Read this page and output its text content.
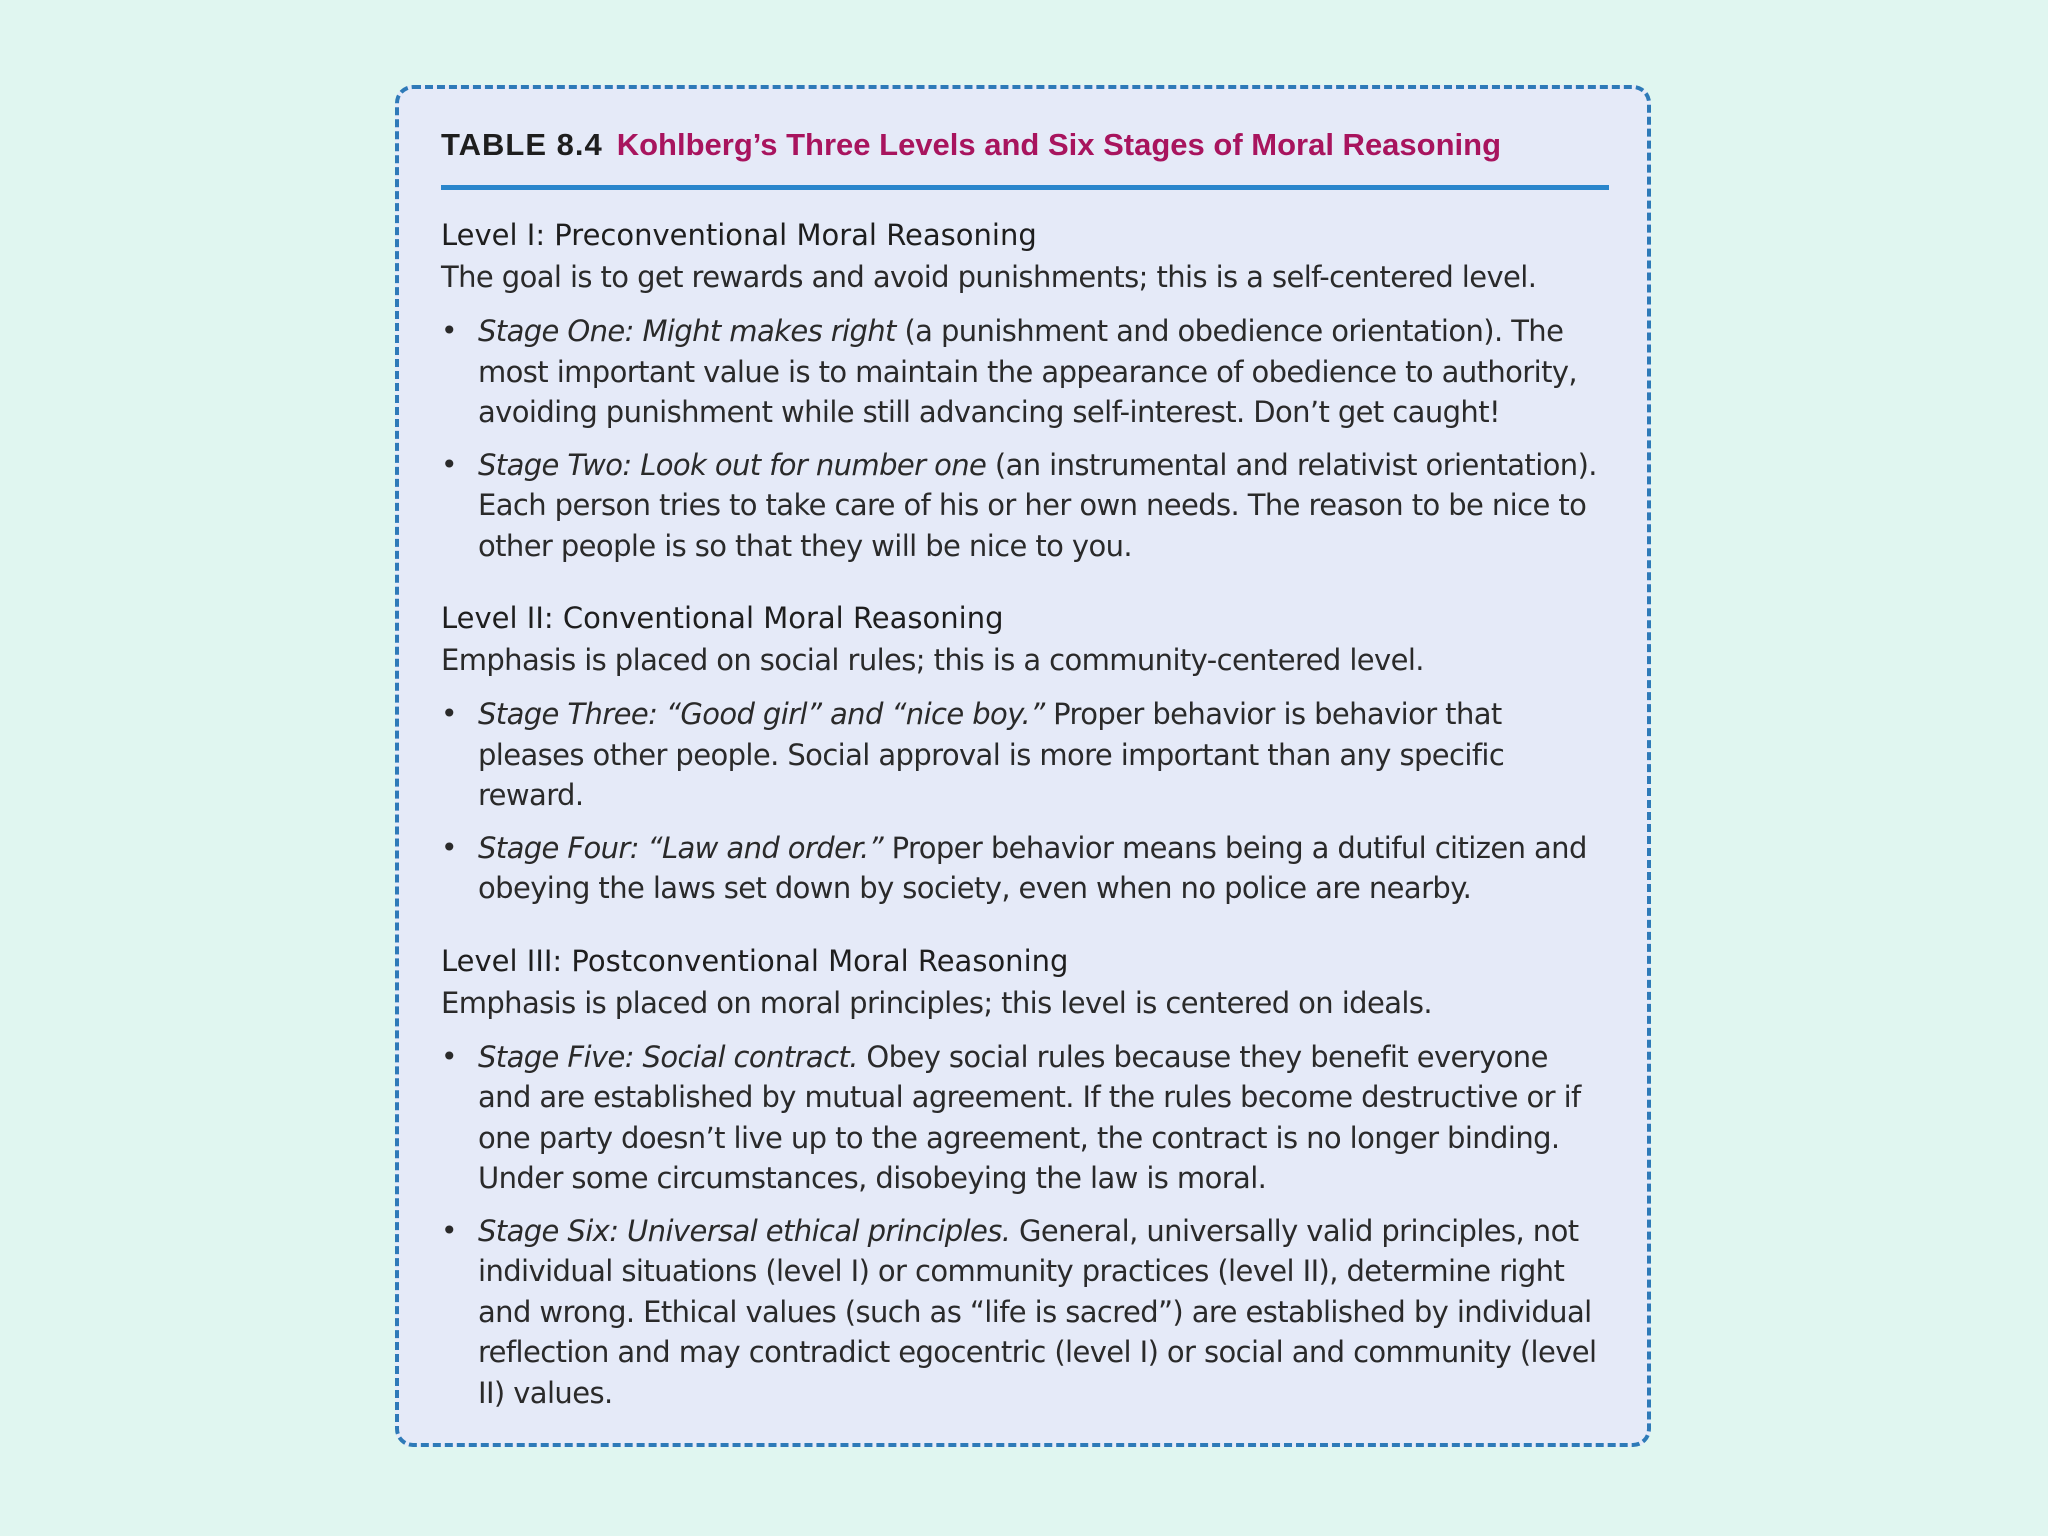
TABLE 8.4 Kohlberg’s Three Levels and Six Stages of Moral Reasoning
Level I: Preconventional Moral Reasoning
The goal is to get rewards and avoid punishments; this is a self-centered level.
• Stage One: Might makes right (a punishment and obedience orientation). The most important value is to maintain the appearance of obedience to authority, avoiding punishment while still advancing self-interest. Don’t get caught!
• Stage Two: Look out for number one (an instrumental and relativist orientation). Each person tries to take care of his or her own needs. The reason to be nice to other people is so that they will be nice to you.
Level II: Conventional Moral Reasoning
Emphasis is placed on social rules; this is a community-centered level.
• Stage Three: “Good girl” and “nice boy.” Proper behavior is behavior that pleases other people. Social approval is more important than any specific reward.
• Stage Four: “Law and order.” Proper behavior means being a dutiful citizen and obeying the laws set down by society, even when no police are nearby.
Level III: Postconventional Moral Reasoning
Emphasis is placed on moral principles; this level is centered on ideals.
• Stage Five: Social contract. Obey social rules because they benefit everyone and are established by mutual agreement. If the rules become destructive or if one party doesn’t live up to the agreement, the contract is no longer binding. Under some circumstances, disobeying the law is moral.
• Stage Six: Universal ethical principles. General, universally valid principles, not individual situations (level I) or community practices (level II), determine right and wrong. Ethical values (such as “life is sacred”) are established by individual reflection and may contradict egocentric (level I) or social and community (level II) values.
